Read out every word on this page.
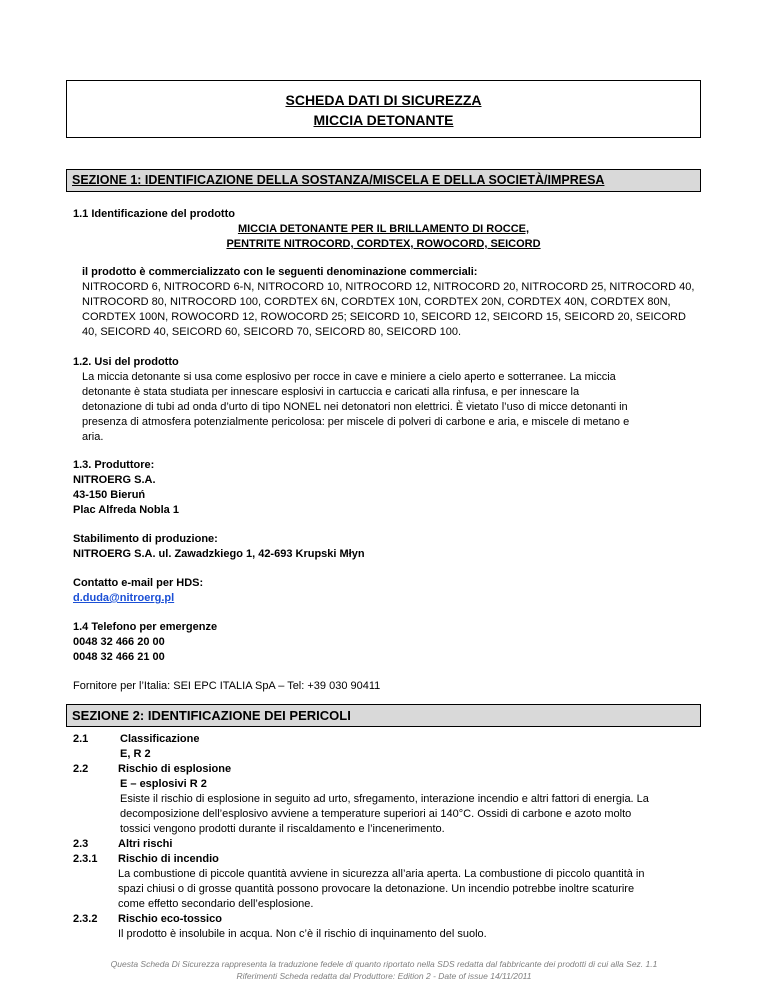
SCHEDA DATI DI SICUREZZA
MICCIA DETONANTE
SEZIONE 1: IDENTIFICAZIONE DELLA SOSTANZA/MISCELA E DELLA SOCIETÀ/IMPRESA
1.1 Identificazione del prodotto
MICCIA DETONANTE PER IL BRILLAMENTO DI ROCCE,
PENTRITE NITROCORD, CORDTEX, ROWOCORD, SEICORD
il prodotto è commercializzato con le seguenti denominazione commerciali:
NITROCORD 6, NITROCORD 6-N, NITROCORD 10, NITROCORD 12, NITROCORD 20, NITROCORD 25, NITROCORD 40,
NITROCORD 80, NITROCORD 100, CORDTEX 6N, CORDTEX 10N, CORDTEX 20N, CORDTEX 40N, CORDTEX 80N,
CORDTEX 100N, ROWOCORD 12, ROWOCORD 25; SEICORD 10, SEICORD 12, SEICORD 15, SEICORD 20, SEICORD
40, SEICORD 40, SEICORD 60, SEICORD 70, SEICORD 80, SEICORD 100.
1.2. Usi del prodotto
La miccia detonante si usa come esplosivo per rocce in cave e miniere a cielo aperto e sotterranee. La miccia
detonante è stata studiata per innescare esplosivi in cartuccia e caricati alla rinfusa, e per innescare la
detonazione di tubi ad onda d’urto di tipo NONEL nei detonatori non elettrici. È vietato l’uso di micce detonanti in
presenza di atmosfera potenzialmente pericolosa: per miscele di polveri di carbone e aria, e miscele di metano e
aria.
1.3. Produttore:
NITROERG S.A.
43-150 Bieruń
Plac Alfreda Nobla 1
Stabilimento di produzione:
NITROERG S.A. ul. Zawadzkiego 1, 42-693 Krupski Młyn
Contatto e-mail per HDS:
d.duda@nitroerg.pl
1.4 Telefono per emergenze
0048 32 466 20 00
0048 32 466 21 00
Fornitore per l’Italia: SEI EPC ITALIA SpA – Tel: +39 030 90411
SEZIONE 2: IDENTIFICAZIONE DEI PERICOLI
2.1	Classificazione
E, R 2
2.2	Rischio di esplosione
E – esplosivi R 2
Esiste il rischio di esplosione in seguito ad urto, sfregamento, interazione incendio e altri fattori di energia. La
decomposizione dell’esplosivo avviene a temperature superiori ai 140°C. Ossidi di carbone e azoto molto
tossici vengono prodotti durante il riscaldamento e l’incenerimento.
2.3	Altri rischi
2.3.1 Rischio di incendio
La combustione di piccole quantità avviene in sicurezza all’aria aperta. La combustione di piccolo quantità in
spazi chiusi o di grosse quantità possono provocare la detonazione. Un incendio potrebbe inoltre scaturire
come effetto secondario dell’esplosione.
2.3.2 Rischio eco-tossico
Il prodotto è insolubile in acqua. Non c’è il rischio di inquinamento del suolo.
Questa Scheda Di Sicurezza rappresenta la traduzione fedele di quanto riportato nella SDS redatta dal fabbricante dei prodotti di cui alla Sez. 1.1
Riferimenti Scheda redatta dal Produttore: Edition 2 - Date of issue 14/11/2011
